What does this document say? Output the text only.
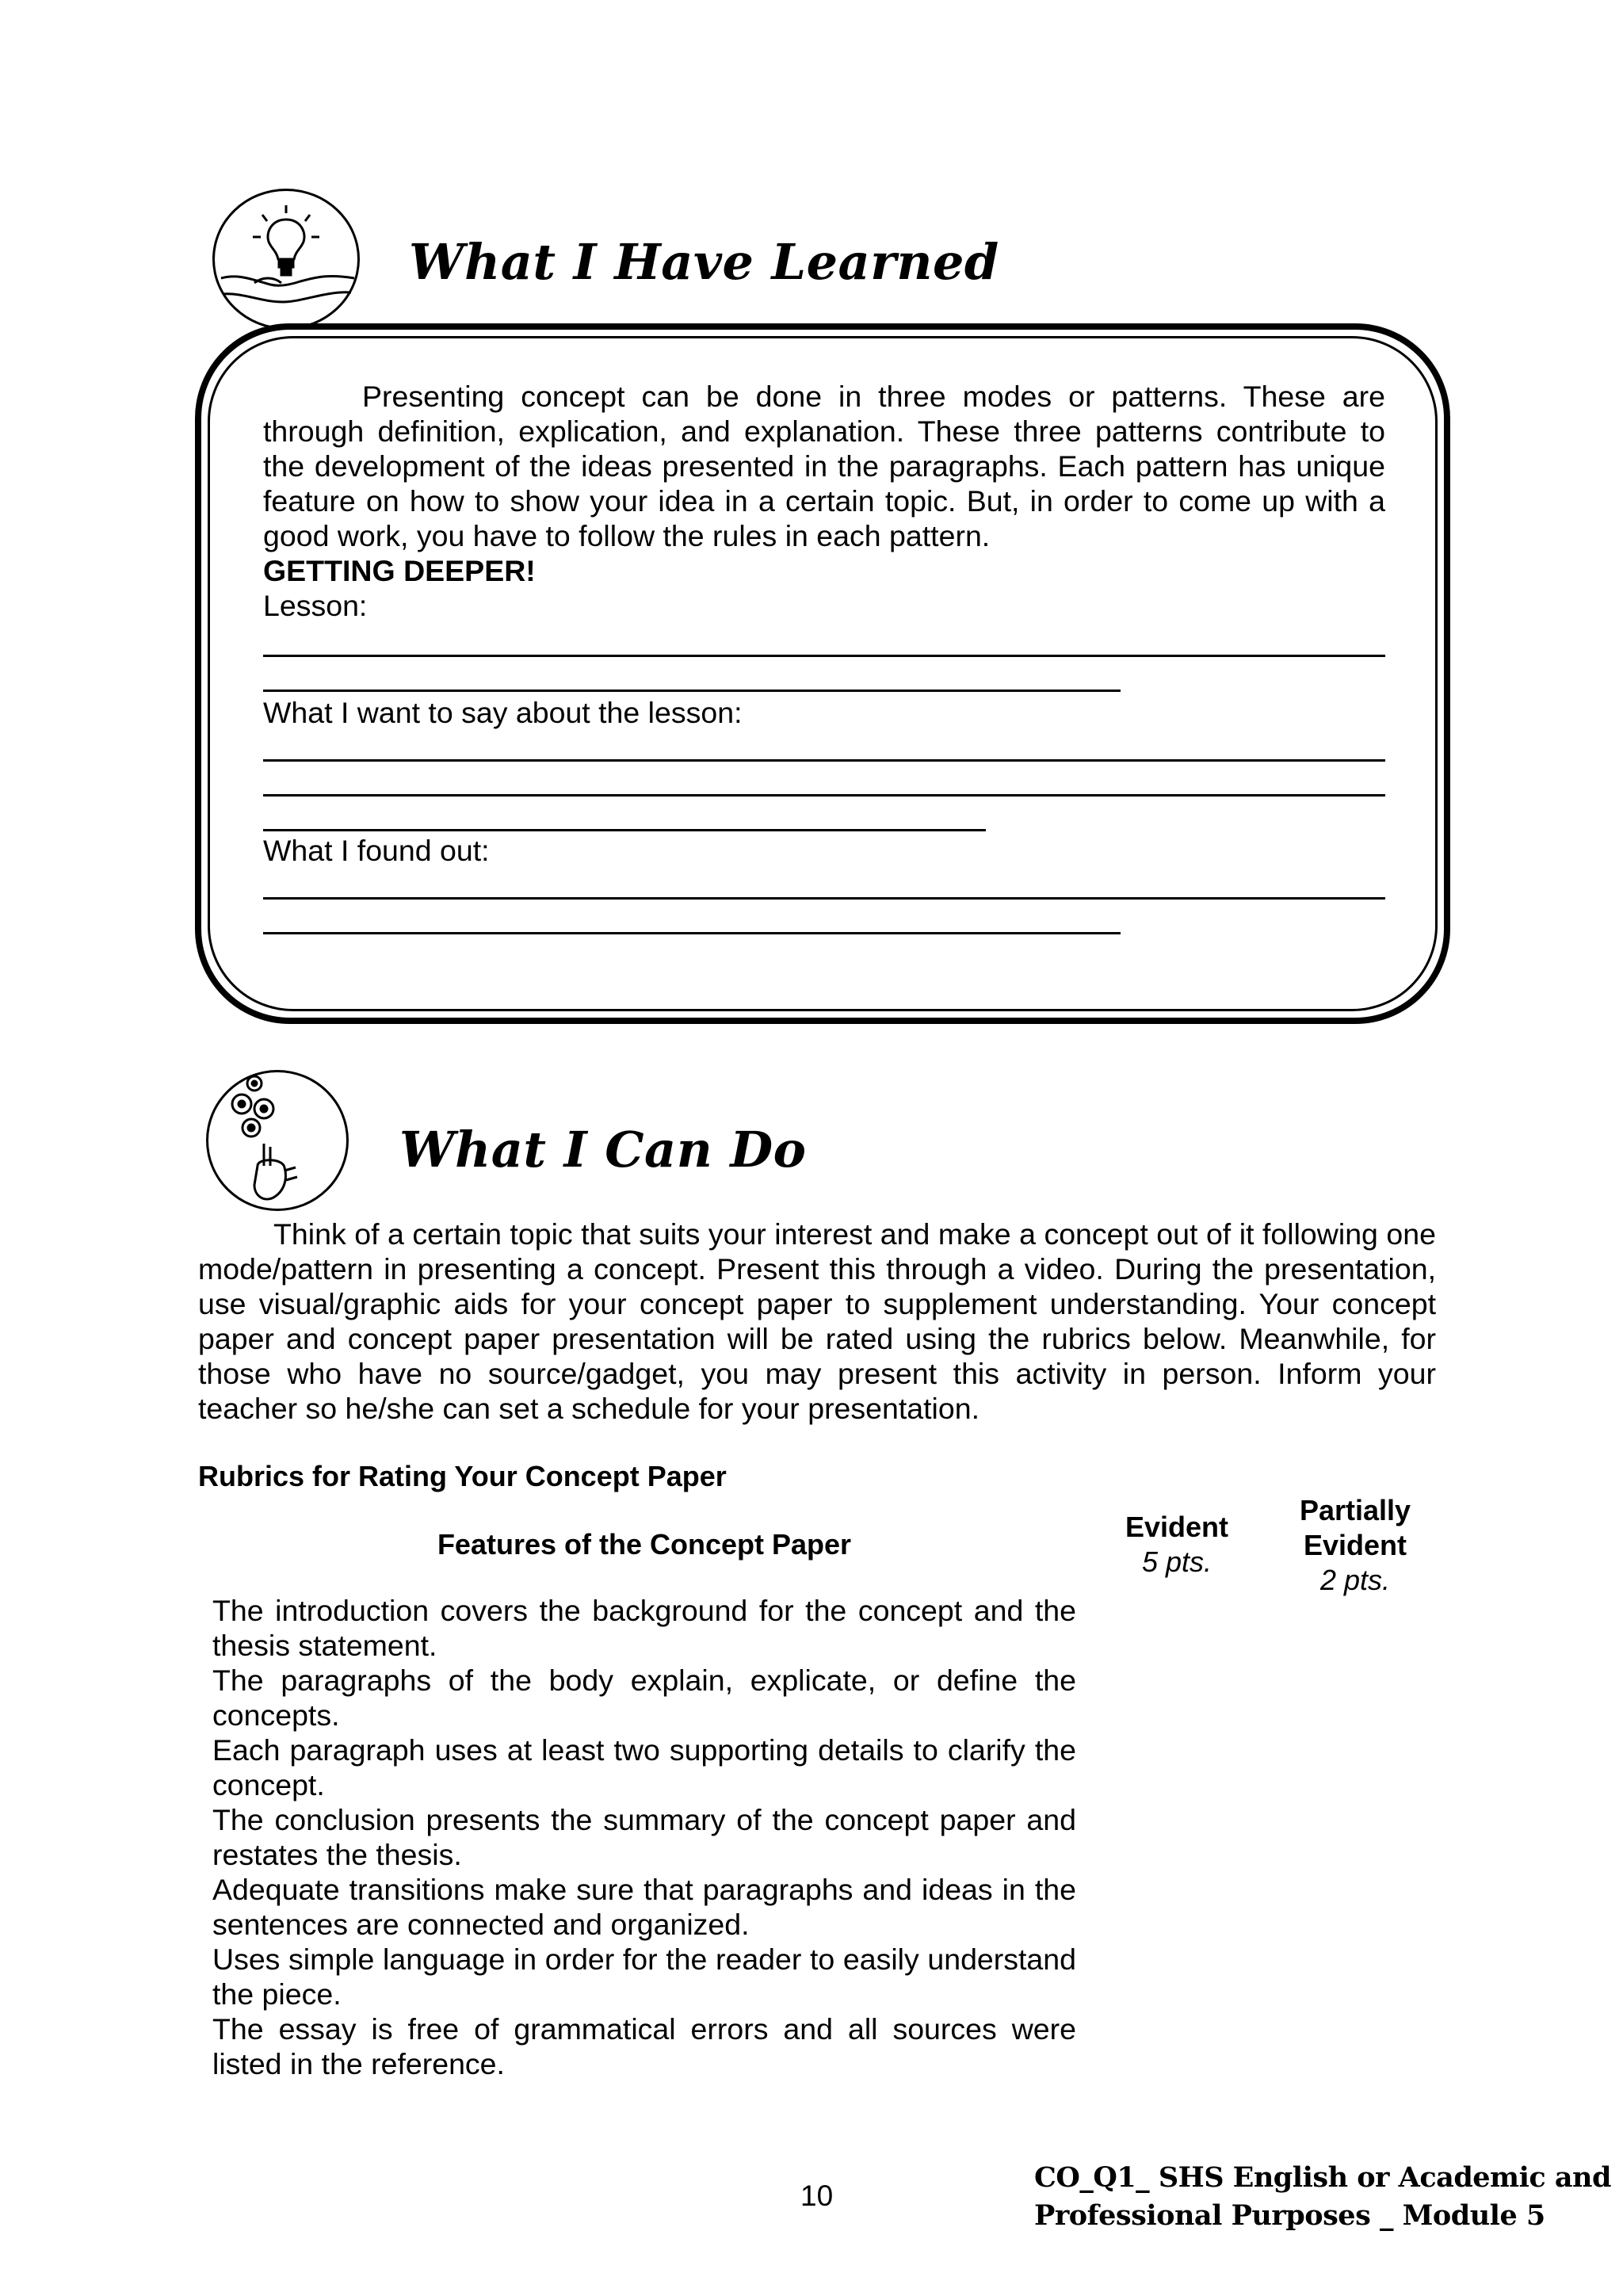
What I Have Learned

Presenting concept can be done in three modes or patterns. These are through definition, explication, and explanation. These three patterns contribute to the development of the ideas presented in the paragraphs. Each pattern has unique feature on how to show your idea in a certain topic. But, in order to come up with a good work, you have to follow the rules in each pattern.

GETTING DEEPER!

Lesson:

What I want to say about the lesson:
What I found out:
What I Can Do

Think of a certain topic that suits your interest and make a concept out of it following one mode/pattern in presenting a concept. Present this through a video. During the presentation, use visual/graphic aids for your concept paper to supplement understanding. Your concept paper and concept paper presentation will be rated using the rubrics below. Meanwhile, for those who have no source/gadget, you may present this activity in person. Inform your teacher so he/she can set a schedule for your presentation.

Rubrics for Rating Your Concept Paper
Features of the Concept Paper
Evident
5 pts.
Partially
Evident
2 pts.
The introduction covers the background for the concept and the thesis statement.
The paragraphs of the body explain, explicate, or define the concepts.
Each paragraph uses at least two supporting details to clarify the concept.
The conclusion presents the summary of the concept paper and restates the thesis.
Adequate transitions make sure that paragraphs and ideas in the sentences are connected and organized.
Uses simple language in order for the reader to easily understand the piece.
The essay is free of grammatical errors and all sources were listed in the reference.
10
CO_Q1_ SHS English or Academic and
Professional Purposes _ Module 5
